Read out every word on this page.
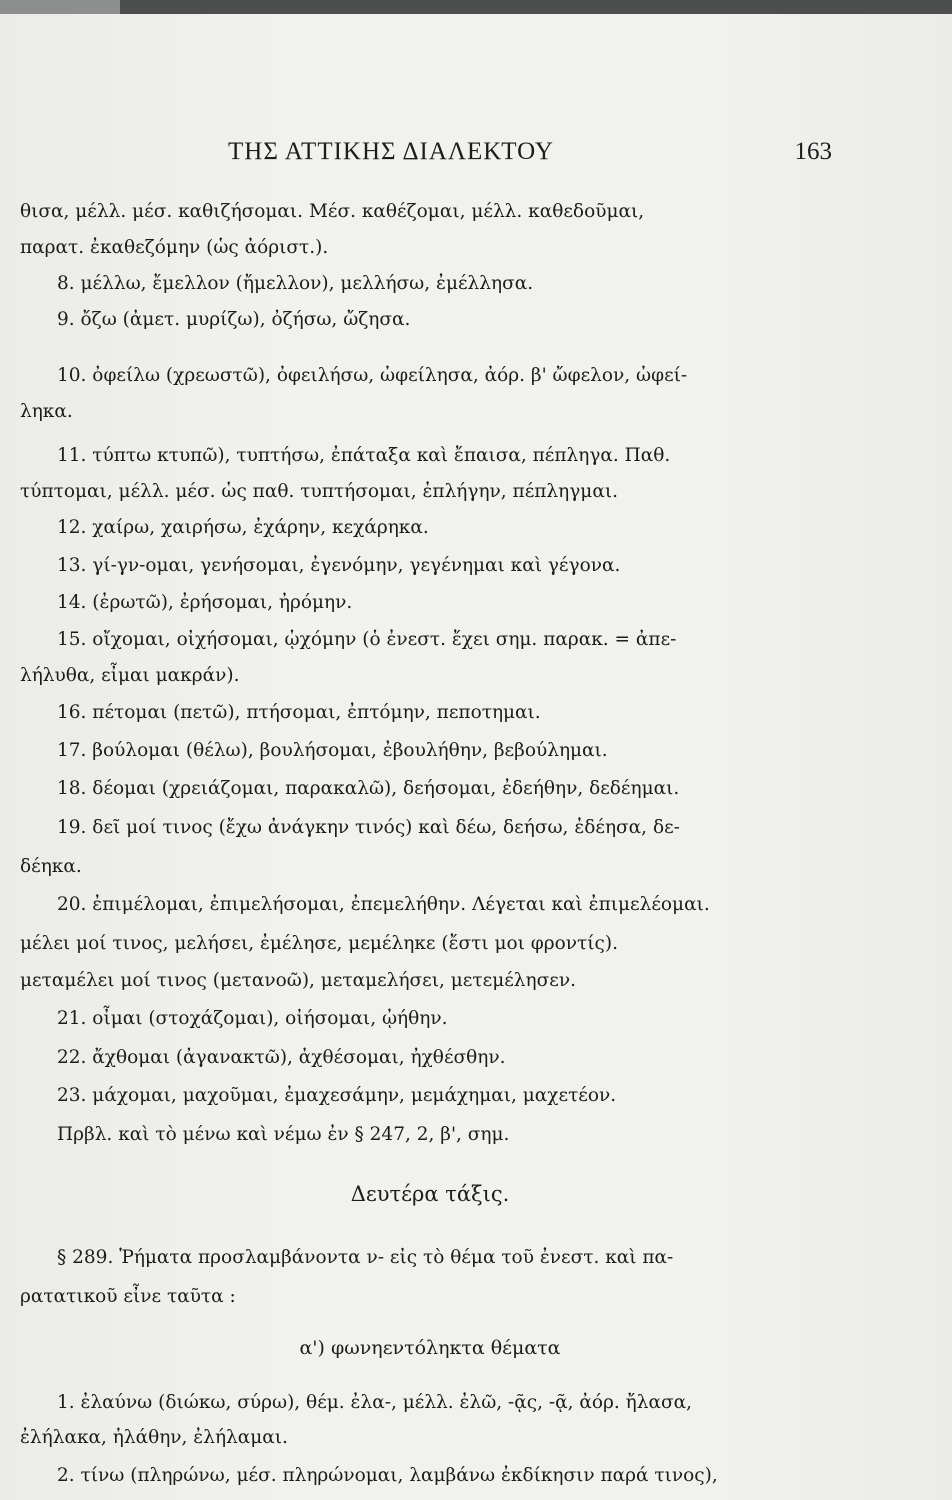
ΤΗΣ ΑΤΤΙΚΗΣ ΔΙΑΛΕΚΤΟΥ	163
θισα, μέλλ. μέσ. καθιζήσομαι. Μέσ. καθέζομαι, μέλλ. καθεδοῦμαι,
παρατ. ἐκαθεζόμην (ὡς ἀόριστ.).
  8. μέλλω, ἔμελλον (ἤμελλον), μελλήσω, ἐμέλλησα.
  9. ὄζω (ἀμετ. μυρίζω), ὀζήσω, ὤζησα.
  10. ὀφείλω (χρεωστῶ), ὀφειλήσω, ὠφείλησα, ἀόρ. β' ὤφελον, ὠφεί-
ληκα.
  11. τύπτω κτυπῶ), τυπτήσω, ἐπάταξα καὶ ἔπαισα, πέπληγα. Παθ.
τύπτομαι, μέλλ. μέσ. ὡς παθ. τυπτήσομαι, ἐπλήγην, πέπληγμαι.
  12. χαίρω, χαιρήσω, ἐχάρην, κεχάρηκα.
  13. γί-γν-ομαι, γενήσομαι, ἐγενόμην, γεγένημαι καὶ γέγονα.
  14. (ἐρωτῶ), ἐρήσομαι, ἠρόμην.
  15. οἴχομαι, οἰχήσομαι, ᾠχόμην (ὁ ἐνεστ. ἔχει σημ. παρακ. = ἀπε-
λήλυθα, εἶμαι μακράν).
  16. πέτομαι (πετῶ), πτήσομαι, ἐπτόμην, πεποτημαι.
  17. βούλομαι (θέλω), βουλήσομαι, ἐβουλήθην, βεβούλημαι.
  18. δέομαι (χρειάζομαι, παρακαλῶ), δεήσομαι, ἐδεήθην, δεδέημαι.
  19. δεῖ μοί τινος (ἔχω ἀνάγκην τινός) καὶ δέω, δεήσω, ἐδέησα, δε-
δέηκα.
  20. ἐπιμέλομαι, ἐπιμελήσομαι, ἐπεμελήθην. Λέγεται καὶ ἐπιμελέομαι.
μέλει μοί τινος, μελήσει, ἐμέλησε, μεμέληκε (ἔστι μοι φροντίς).
μεταμέλει μοί τινος (μετανοῶ), μεταμελήσει, μετεμέλησεν.
  21. οἶμαι (στοχάζομαι), οἰήσομαι, ᾠήθην.
  22. ἄχθομαι (ἀγανακτῶ), ἀχθέσομαι, ἠχθέσθην.
  23. μάχομαι, μαχοῦμαι, ἐμαχεσάμην, μεμάχημαι, μαχετέον.
  Πρβλ. καὶ τὸ μένω καὶ νέμω ἐν § 247, 2, β', σημ.
Δευτέρα τάξις.
  § 289. Ῥήματα προσλαμβάνοντα ν- εἰς τὸ θέμα τοῦ ἐνεστ. καὶ πα-
ρατατικοῦ εἶνε ταῦτα :
α') φωνηεντόληκτα θέματα
  1. ἐλαύνω (διώκω, σύρω), θέμ. ἐλα-, μέλλ. ἐλῶ, -ᾷς, -ᾷ, ἀόρ. ἤλασα,
ἐλήλακα, ἠλάθην, ἐλήλαμαι.
  2. τίνω (πληρώνω, μέσ. πληρώνομαι, λαμβάνω ἐκδίκησιν παρά τινος),
